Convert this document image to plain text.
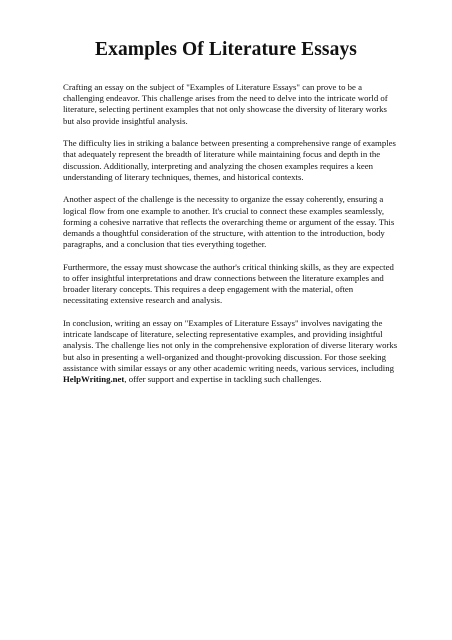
Examples Of Literature Essays

Crafting an essay on the subject of "Examples of Literature Essays" can prove to be a challenging endeavor. This challenge arises from the need to delve into the intricate world of literature, selecting pertinent examples that not only showcase the diversity of literary works but also provide insightful analysis.

The difficulty lies in striking a balance between presenting a comprehensive range of examples that adequately represent the breadth of literature while maintaining focus and depth in the discussion. Additionally, interpreting and analyzing the chosen examples requires a keen understanding of literary techniques, themes, and historical contexts.

Another aspect of the challenge is the necessity to organize the essay coherently, ensuring a logical flow from one example to another. It's crucial to connect these examples seamlessly, forming a cohesive narrative that reflects the overarching theme or argument of the essay. This demands a thoughtful consideration of the structure, with attention to the introduction, body paragraphs, and a conclusion that ties everything together.

Furthermore, the essay must showcase the author's critical thinking skills, as they are expected to offer insightful interpretations and draw connections between the literature examples and broader literary concepts. This requires a deep engagement with the material, often necessitating extensive research and analysis.

In conclusion, writing an essay on "Examples of Literature Essays" involves navigating the intricate landscape of literature, selecting representative examples, and providing insightful analysis. The challenge lies not only in the comprehensive exploration of diverse literary works but also in presenting a well-organized and thought-provoking discussion. For those seeking assistance with similar essays or any other academic writing needs, various services, including HelpWriting.net, offer support and expertise in tackling such challenges.
